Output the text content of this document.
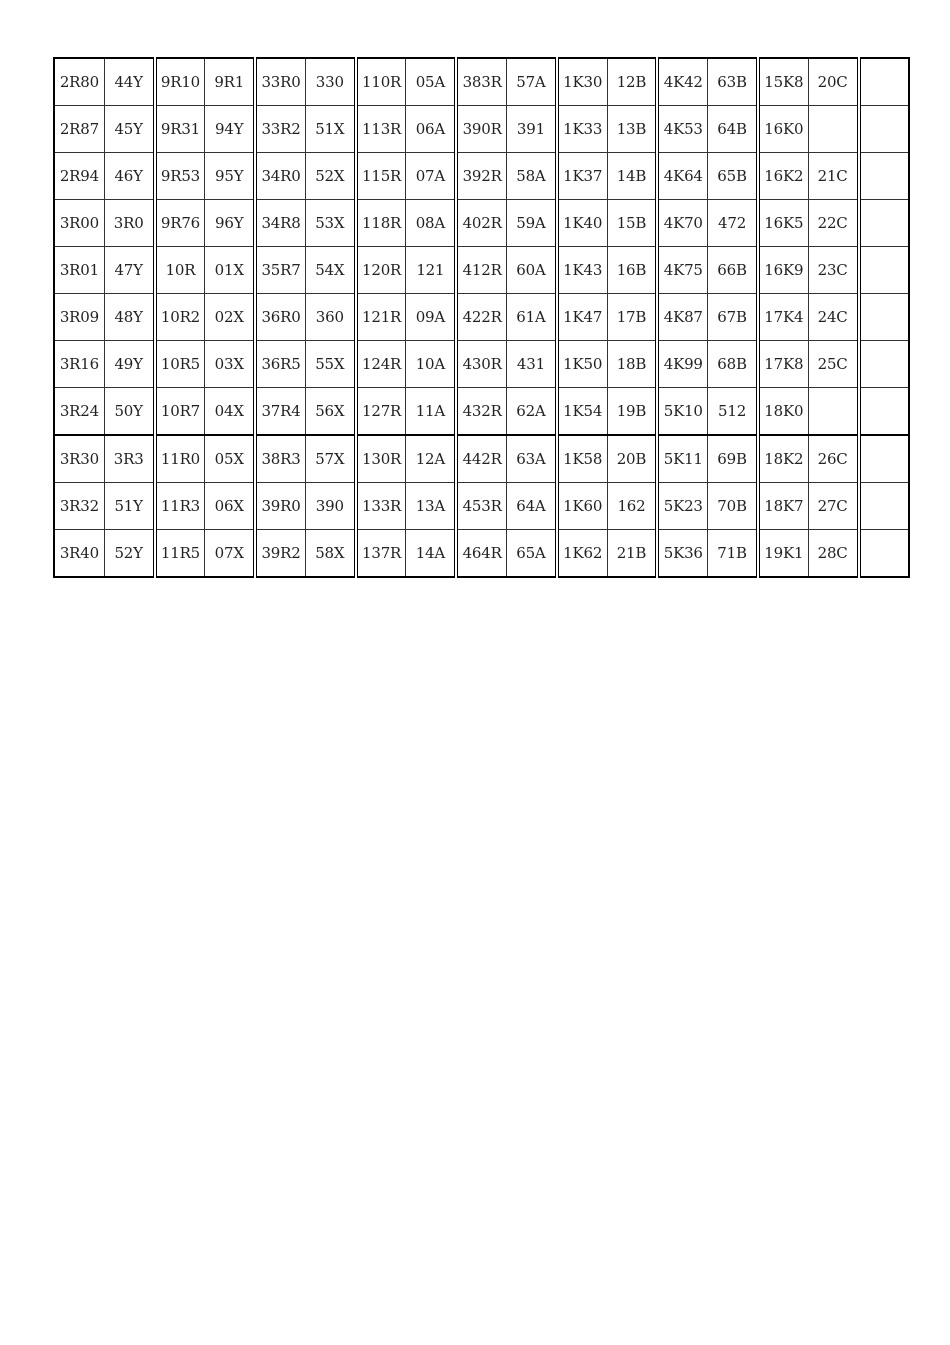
2R80	44Y	9R10	9R1	33R0	330	110R	05A	383R	57A	1K30	12B	4K42	63B	15K8	20C	
2R87	45Y	9R31	94Y	33R2	51X	113R	06A	390R	391	1K33	13B	4K53	64B	16K0		
2R94	46Y	9R53	95Y	34R0	52X	115R	07A	392R	58A	1K37	14B	4K64	65B	16K2	21C	
3R00	3R0	9R76	96Y	34R8	53X	118R	08A	402R	59A	1K40	15B	4K70	472	16K5	22C	
3R01	47Y	10R	01X	35R7	54X	120R	121	412R	60A	1K43	16B	4K75	66B	16K9	23C	
3R09	48Y	10R2	02X	36R0	360	121R	09A	422R	61A	1K47	17B	4K87	67B	17K4	24C	
3R16	49Y	10R5	03X	36R5	55X	124R	10A	430R	431	1K50	18B	4K99	68B	17K8	25C	
3R24	50Y	10R7	04X	37R4	56X	127R	11A	432R	62A	1K54	19B	5K10	512	18K0		
3R30	3R3	11R0	05X	38R3	57X	130R	12A	442R	63A	1K58	20B	5K11	69B	18K2	26C	
3R32	51Y	11R3	06X	39R0	390	133R	13A	453R	64A	1K60	162	5K23	70B	18K7	27C	
3R40	52Y	11R5	07X	39R2	58X	137R	14A	464R	65A	1K62	21B	5K36	71B	19K1	28C	
